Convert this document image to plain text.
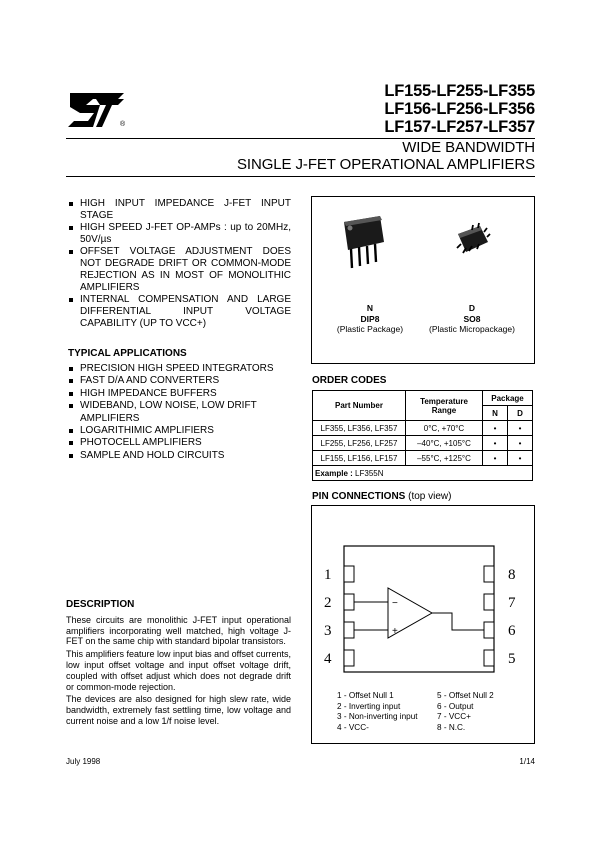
®
LF155-LF255-LF355
LF156-LF256-LF356
LF157-LF257-LF357
WIDE BANDWIDTH
SINGLE J-FET OPERATIONAL AMPLIFIERS
HIGH INPUT IMPEDANCE J-FET INPUT STAGE
HIGH SPEED J-FET OP-AMPs : up to 20MHz, 50V/µs
OFFSET VOLTAGE ADJUSTMENT DOES NOT DEGRADE DRIFT OR COMMON-MODE REJECTION AS IN MOST OF MONOLITHIC AMPLIFIERS
INTERNAL COMPENSATION AND LARGE DIFFERENTIAL INPUT VOLTAGE CAPABILITY (UP TO VCC+)
TYPICAL APPLICATIONS
PRECISION HIGH SPEED INTEGRATORS
FAST D/A AND CONVERTERS
HIGH IMPEDANCE BUFFERS
WIDEBAND, LOW NOISE, LOW DRIFT AMPLIFIERS
LOGARITHIMIC AMPLIFIERS
PHOTOCELL AMPLIFIERS
SAMPLE AND HOLD CIRCUITS
N
DIP8
(Plastic Package)
D
SO8
(Plastic Micropackage)
ORDER CODES
Part Number	Temperature Range	Package	
		N	D
LF355, LF356, LF357	0°C, +70°C	•	•
LF255, LF256, LF257	–40°C, +105°C	•	•
LF155, LF156, LF157	–55°C, +125°C	•	•
Example : LF355N			
PIN CONNECTIONS (top view)
−
+
1
2
3
4
8
7
6
5
1 - Offset Null 1
2 - Inverting input
3 - Non-inverting input
4 - VCC-
5 - Offset Null 2
6 - Output
7 - VCC+
8 - N.C.
DESCRIPTION

These circuits are monolithic J-FET input operational amplifiers incorporating well matched, high voltage J-FET on the same chip with standard bipolar transistors.

This amplifiers feature low input bias and offset currents, low input offset voltage and input offset voltage drift, coupled with offset adjust which does not degrade drift or common-mode rejection.

The devices are also designed for high slew rate, wide bandwidth, extremely fast settling time, low voltage and current noise and a low 1/f noise level.

July 1998	1/14
